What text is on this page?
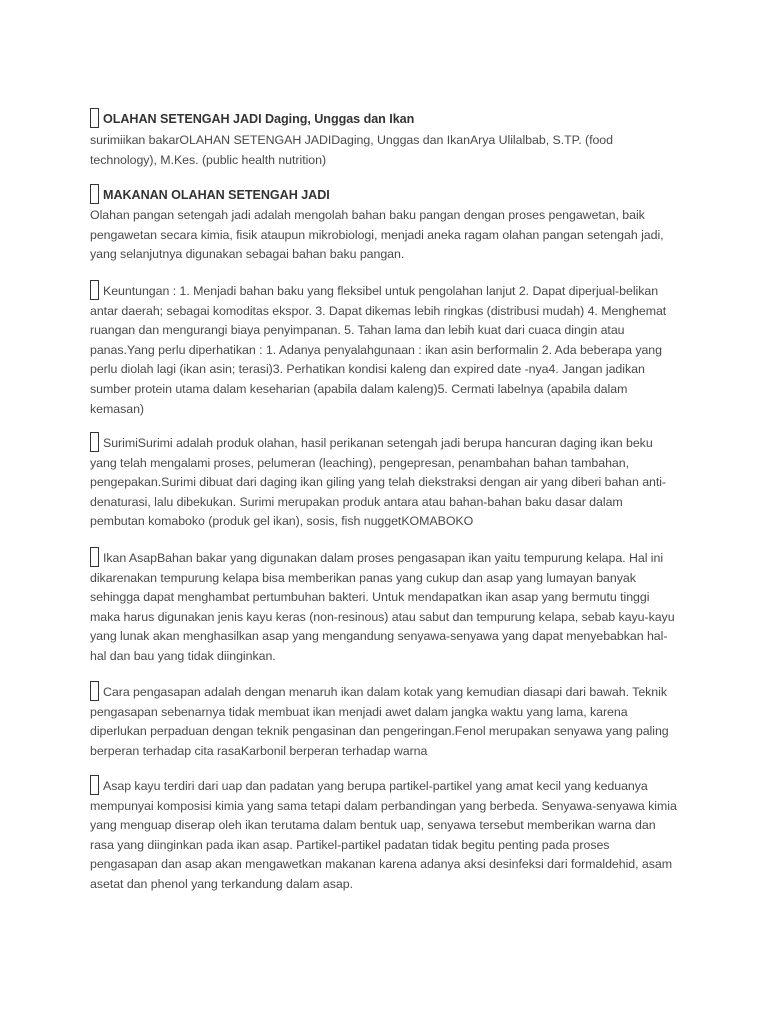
OLAHAN SETENGAH JADI Daging, Unggas dan Ikan
surimiikan bakarOLAHAN SETENGAH JADIDaging, Unggas dan IkanArya Ulilalbab, S.TP. (food technology), M.Kes. (public health nutrition)
MAKANAN OLAHAN SETENGAH JADI
Olahan pangan setengah jadi adalah mengolah bahan baku pangan dengan proses pengawetan, baik pengawetan secara kimia, fisik ataupun mikrobiologi, menjadi aneka ragam olahan pangan setengah jadi, yang selanjutnya digunakan sebagai bahan baku pangan.
Keuntungan : 1. Menjadi bahan baku yang fleksibel untuk pengolahan lanjut 2. Dapat diperjual-belikan antar daerah; sebagai komoditas ekspor. 3. Dapat dikemas lebih ringkas (distribusi mudah) 4. Menghemat ruangan dan mengurangi biaya penyimpanan. 5. Tahan lama dan lebih kuat dari cuaca dingin atau panas.Yang perlu diperhatikan : 1. Adanya penyalahgunaan : ikan asin berformalin 2. Ada beberapa yang perlu diolah lagi (ikan asin; terasi)3. Perhatikan kondisi kaleng dan expired date -nya4. Jangan jadikan sumber protein utama dalam keseharian (apabila dalam kaleng)5. Cermati labelnya (apabila dalam kemasan)
SurimiSurimi adalah produk olahan, hasil perikanan setengah jadi berupa hancuran daging ikan beku yang telah mengalami proses, pelumeran (leaching), pengepresan, penambahan bahan tambahan, pengepakan.Surimi dibuat dari daging ikan giling yang telah diekstraksi dengan air yang diberi bahan anti-denaturasi, lalu dibekukan. Surimi merupakan produk antara atau bahan-bahan baku dasar dalam pembutan komaboko (produk gel ikan), sosis, fish nuggetKOMABOKO
Ikan AsapBahan bakar yang digunakan dalam proses pengasapan ikan yaitu tempurung kelapa. Hal ini dikarenakan tempurung kelapa bisa memberikan panas yang cukup dan asap yang lumayan banyak sehingga dapat menghambat pertumbuhan bakteri. Untuk mendapatkan ikan asap yang bermutu tinggi maka harus digunakan jenis kayu keras (non-resinous) atau sabut dan tempurung kelapa, sebab kayu-kayu yang lunak akan menghasilkan asap yang mengandung senyawa-senyawa yang dapat menyebabkan hal-hal dan bau yang tidak diinginkan.
Cara pengasapan adalah dengan menaruh ikan dalam kotak yang kemudian diasapi dari bawah. Teknik pengasapan sebenarnya tidak membuat ikan menjadi awet dalam jangka waktu yang lama, karena diperlukan perpaduan dengan teknik pengasinan dan pengeringan.Fenol merupakan senyawa yang paling berperan terhadap cita rasaKarbonil berperan terhadap warna
Asap kayu terdiri dari uap dan padatan yang berupa partikel-partikel yang amat kecil yang keduanya mempunyai komposisi kimia yang sama tetapi dalam perbandingan yang berbeda. Senyawa-senyawa kimia yang menguap diserap oleh ikan terutama dalam bentuk uap, senyawa tersebut memberikan warna dan rasa yang diinginkan pada ikan asap. Partikel-partikel padatan tidak begitu penting pada proses pengasapan dan asap akan mengawetkan makanan karena adanya aksi desinfeksi dari formaldehid, asam asetat dan phenol yang terkandung dalam asap.
